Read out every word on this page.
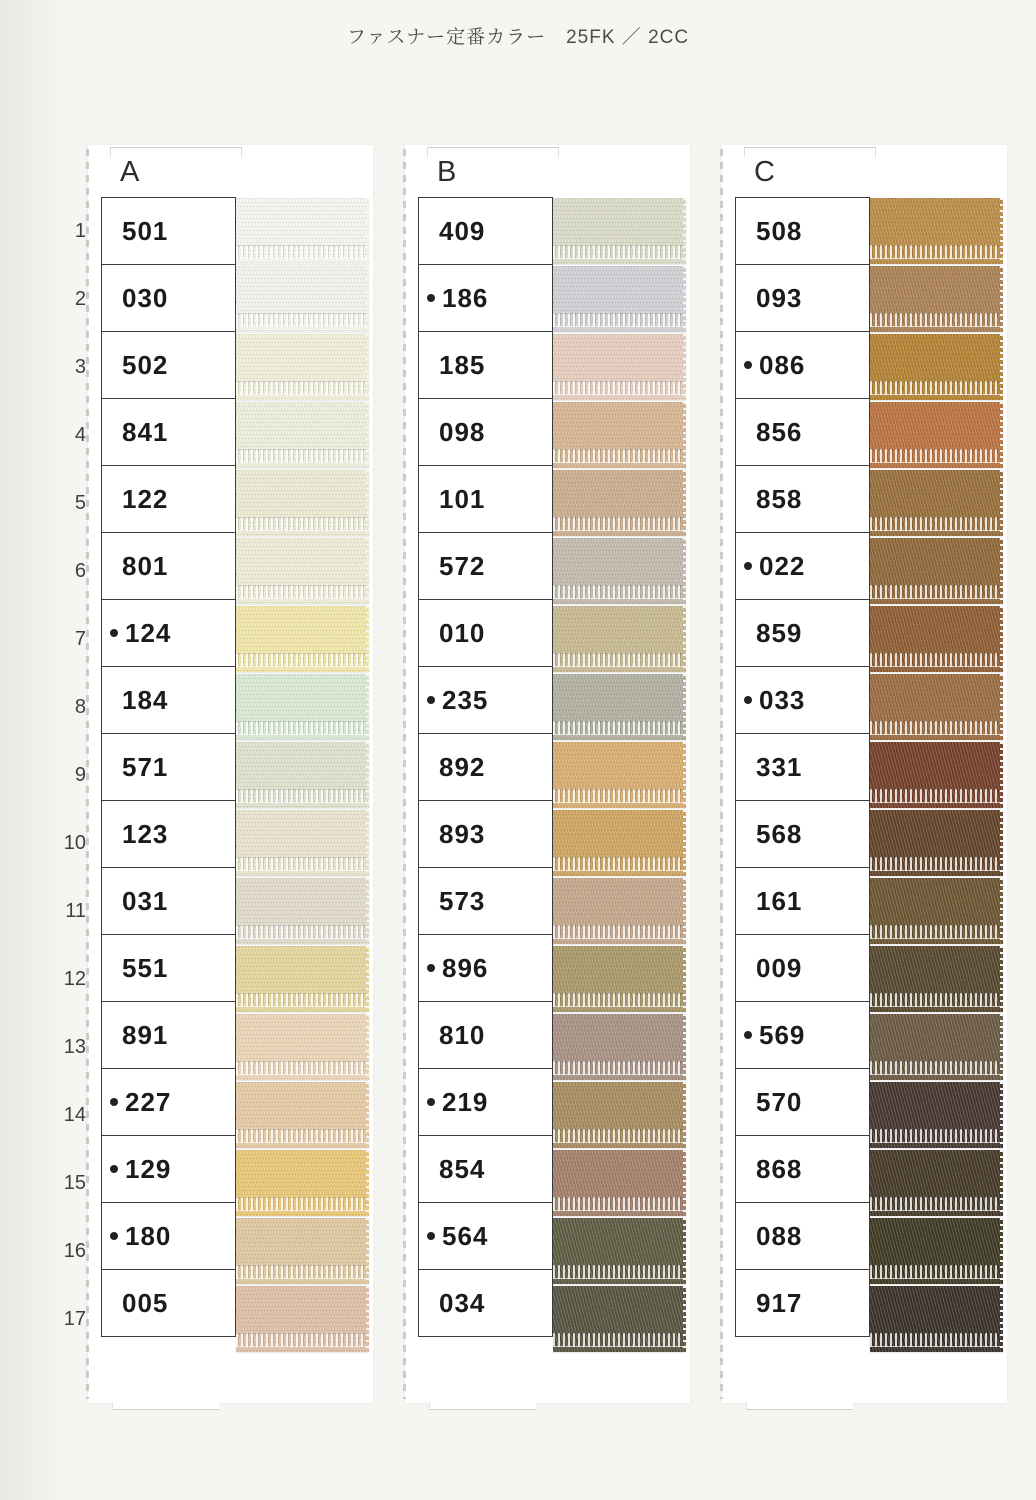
ファスナー定番カラー　25FK ／ 2CC
1
2
3
4
5
6
7
8
9
10
11
12
13
14
15
16
17
A
501
030
502
841
122
801
124
184
571
123
031
551
891
227
129
180
005
B
409
186
185
098
101
572
010
235
892
893
573
896
810
219
854
564
034
C
508
093
086
856
858
022
859
033
331
568
161
009
569
570
868
088
917
